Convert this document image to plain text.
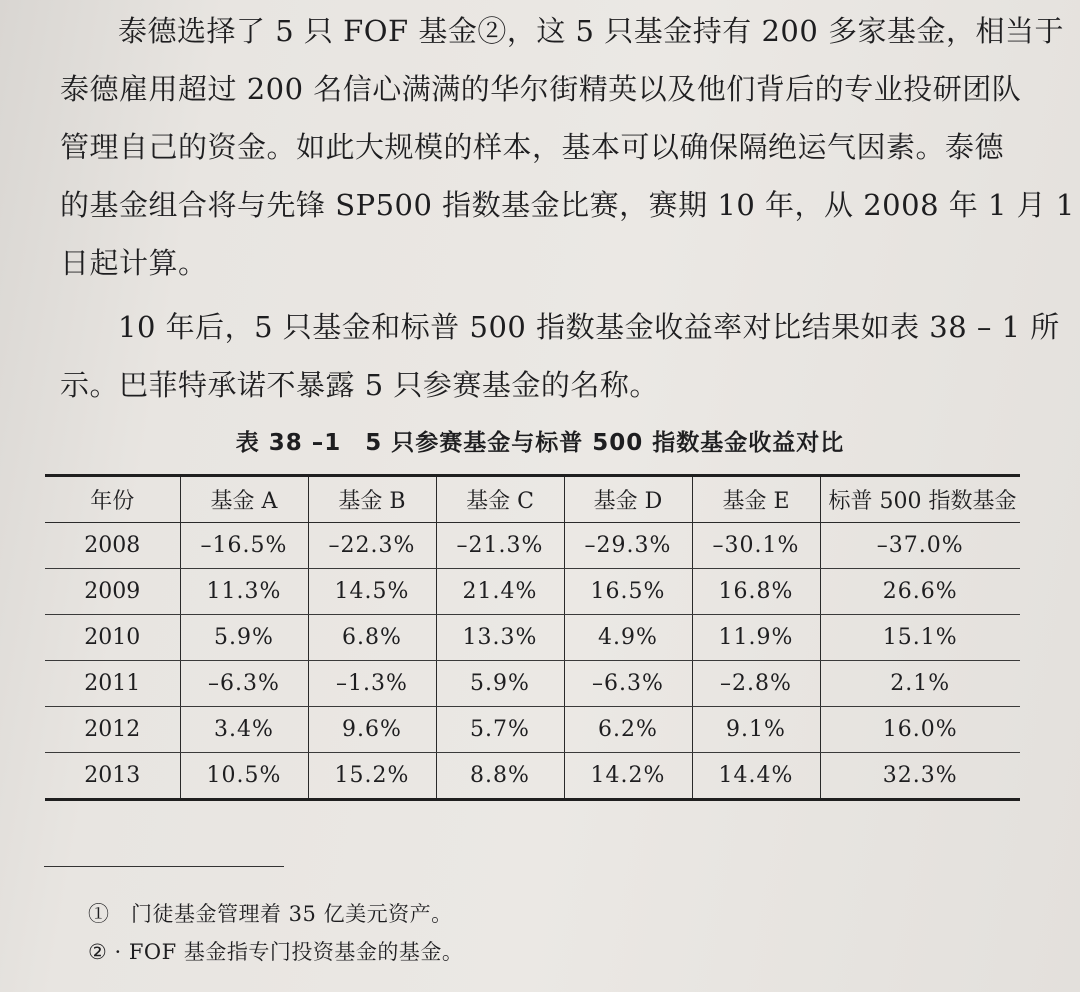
泰德选择了 5 只 FOF 基金②，这 5 只基金持有 200 多家基金，相当于
泰德雇用超过 200 名信心满满的华尔街精英以及他们背后的专业投研团队
管理自己的资金。如此大规模的样本，基本可以确保隔绝运气因素。泰德
的基金组合将与先锋 SP500 指数基金比赛，赛期 10 年，从 2008 年 1 月 1
日起计算。

10 年后，5 只基金和标普 500 指数基金收益率对比结果如表 38 – 1 所
示。巴菲特承诺不暴露 5 只参赛基金的名称。

表 38 –1　5 只参赛基金与标普 500 指数基金收益对比

年份	基金 A	基金 B	基金 C	基金 D	基金 E	标普 500 指数基金
2008	–16.5%	–22.3%	–21.3%	–29.3%	–30.1%	–37.0%
2009	11.3%	14.5%	21.4%	16.5%	16.8%	26.6%
2010	5.9%	6.8%	13.3%	4.9%	11.9%	15.1%
2011	–6.3%	–1.3%	5.9%	–6.3%	–2.8%	2.1%
2012	3.4%	9.6%	5.7%	6.2%	9.1%	16.0%
2013	10.5%	15.2%	8.8%	14.2%	14.4%	32.3%

①　门徒基金管理着 35 亿美元资产。

② · FOF 基金指专门投资基金的基金。
